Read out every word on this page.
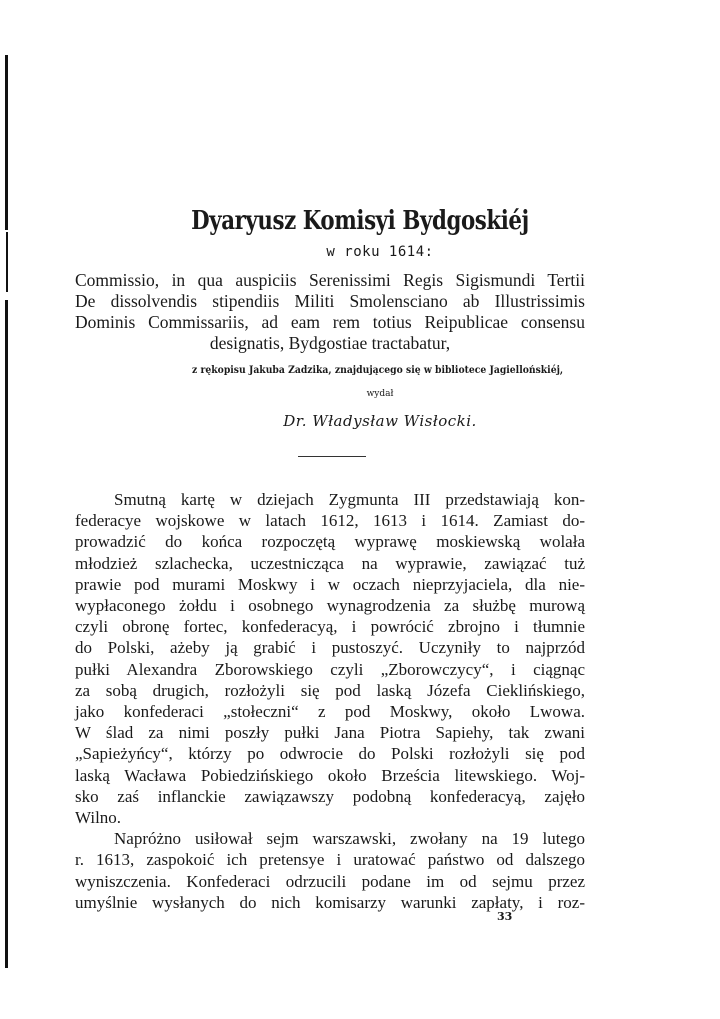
Dyaryusz Komisyi Bydgoskiéj

w roku 1614:

Commissio, in qua auspiciis Serenissimi Regis Sigismundi Tertii
De dissolvendis stipendiis Militi Smolensciano ab Illustrissimis
Dominis Commissariis, ad eam rem totius Reipublicae consensu
designatis, Bydgostiae tractabatur,

z rękopisu Jakuba Zadzika, znajdującego się w bibliotece Jagiellońskiéj,

wydał

Dr. Władysław Wisłocki.

Smutną kartę w dziejach Zygmunta III przedstawiają kon-
federacye wojskowe w latach 1612, 1613 i 1614. Zamiast do-
prowadzić do końca rozpoczętą wyprawę moskiewską wolała
młodzież szlachecka, uczestnicząca na wyprawie, zawiązać tuż
prawie pod murami Moskwy i w oczach nieprzyjaciela, dla nie-
wypłaconego żołdu i osobnego wynagrodzenia za służbę murową
czyli obronę fortec, konfederacyą, i powrócić zbrojno i tłumnie
do Polski, ażeby ją grabić i pustoszyć. Uczyniły to najprzód
pułki Alexandra Zborowskiego czyli „Zborowczycy“, i ciągnąc
za sobą drugich, rozłożyli się pod laską Józefa Cieklińskiego,
jako konfederaci „stołeczni“ z pod Moskwy, około Lwowa.
W ślad za nimi poszły pułki Jana Piotra Sapiehy, tak zwani
„Sapieżyńcy“, którzy po odwrocie do Polski rozłożyli się pod
laską Wacława Pobiedzińskiego około Brześcia litewskiego. Woj-
sko zaś inflanckie zawiązawszy podobną konfederacyą, zajęło
Wilno.
Napróżno usiłował sejm warszawski, zwołany na 19 lutego
r. 1613, zaspokoić ich pretensye i uratować państwo od dalszego
wyniszczenia. Konfederaci odrzucili podane im od sejmu przez
umyślnie wysłanych do nich komisarzy warunki zapłaty, i roz-

33
